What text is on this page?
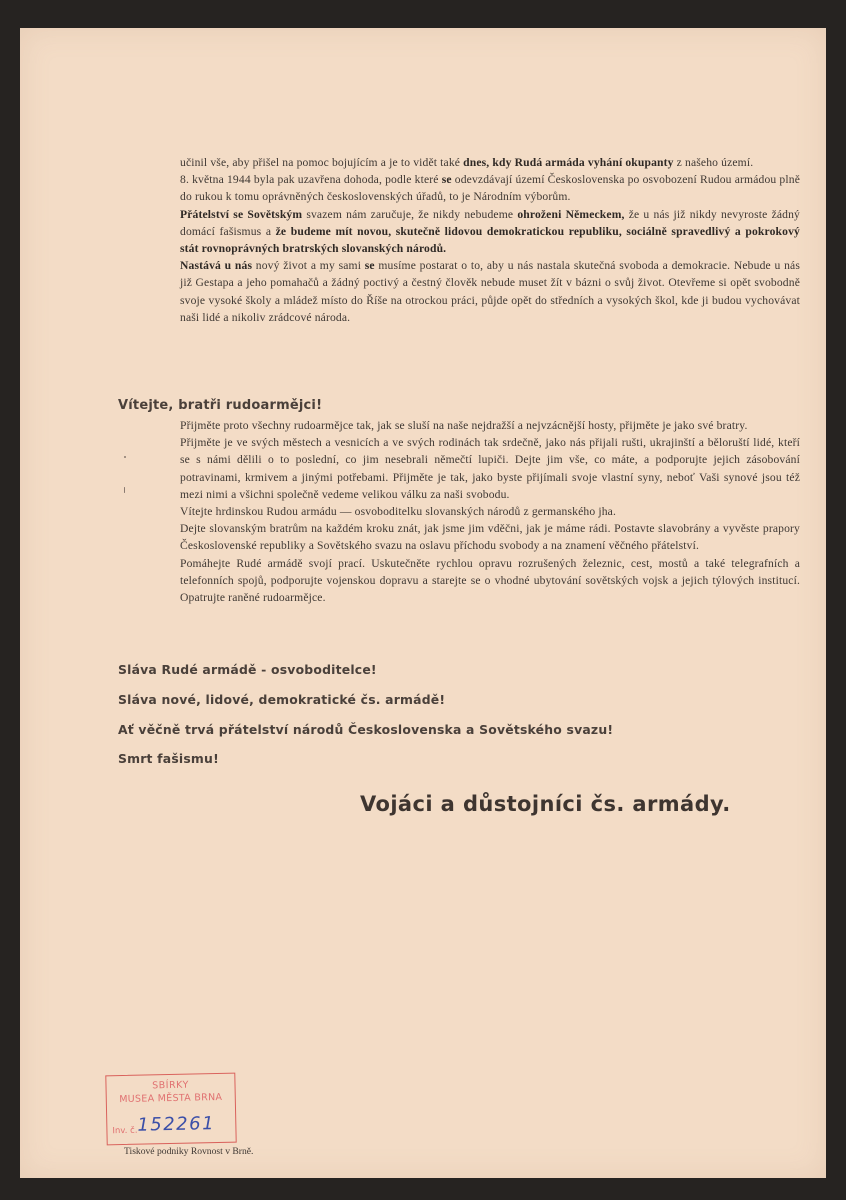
učinil vše, aby přišel na pomoc bojujícím a je to vidět také dnes, kdy Rudá armáda vyhání okupanty z našeho území.

8. května 1944 byla pak uzavřena dohoda, podle které se odevzdávají území Československa po osvobození Rudou armádou plně do rukou k tomu oprávněných československých úřadů, to je Národním výborům.

Přátelství se Sovětským svazem nám zaručuje, že nikdy nebudeme ohroženi Německem, že u nás již nikdy nevyroste žádný domácí fašismus a že budeme mít novou, skutečně lidovou demokratickou republiku, sociálně spravedlivý a pokrokový stát rovnoprávných bratrských slovanských národů.

Nastává u nás nový život a my sami se musíme postarat o to, aby u nás nastala skutečná svoboda a demokracie. Nebude u nás již Gestapa a jeho pomahačů a žádný poctivý a čestný člověk nebude muset žít v bázni o svůj život. Otevřeme si opět svobodně svoje vysoké školy a mládež místo do Říše na otrockou práci, půjde opět do středních a vysokých škol, kde ji budou vychovávat naši lidé a nikoliv zrádcové národa.

Vítejte, bratři rudoarmějci!

Přijměte proto všechny rudoarmějce tak, jak se sluší na naše nejdražší a nejvzácnější hosty, přijměte je jako své bratry.

Přijměte je ve svých městech a vesnicích a ve svých rodinách tak srdečně, jako nás přijali rušti, ukrajinští a běloruští lidé, kteří se s námi dělili o to poslední, co jim nesebrali němečtí lupiči. Dejte jim vše, co máte, a podporujte jejich zásobování potravinami, krmivem a jinými potřebami. Přijměte je tak, jako byste přijímali svoje vlastní syny, neboť Vaši synové jsou též mezi nimi a všichni společně vedeme velikou válku za naši svobodu.

Vítejte hrdinskou Rudou armádu — osvoboditelku slovanských národů z germanského jha.

Dejte slovanským bratrům na každém kroku znát, jak jsme jim vděčni, jak je máme rádi. Postavte slavobrány a vyvěste prapory Československé republiky a Sovětského svazu na oslavu příchodu svobody a na znamení věčného přátelství.

Pomáhejte Rudé armádě svojí prací. Uskutečněte rychlou opravu rozrušených železnic, cest, mostů a také telegrafních a telefonních spojů, podporujte vojenskou dopravu a starejte se o vhodné ubytování sovětských vojsk a jejich týlových institucí. Opatrujte raněné rudoarmějce.

Sláva Rudé armádě - osvoboditelce!
Sláva nové, lidové, demokratické čs. armádě!
Ať věčně trvá přátelství národů Československa a Sovětského svazu!
Smrt fašismu!
Vojáci a důstojníci čs. armády.
SBÍRKY
MUSEA MĚSTA BRNA
Inv. č. 152261
Tiskové podniky Rovnost v Brně.
